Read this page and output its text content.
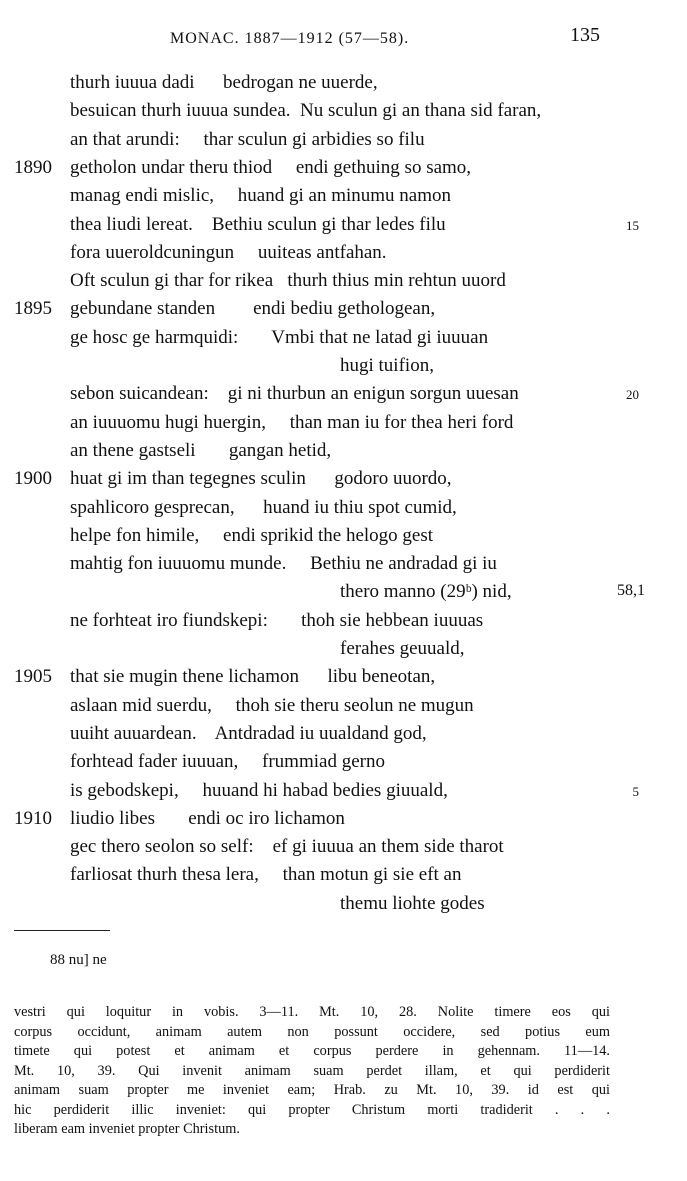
MONAC. 1887—1912 (57—58).	135
thurh iuuua dadi      bedrogan ne uuerde,
besuican thurh iuuua sundea.  Nu sculun gi an thana sid faran,
an that arundi:     thar sculun gi arbidies so filu
1890 getholon undar theru thiod     endi gethuing so samo,
manag endi mislic,     huand gi an minumu namon
thea liudi lereat.    Bethiu sculun gi thar ledes filu	15
fora uueroldcuningun     uuiteas antfahan.
Oft sculun gi thar for rikea   thurh thius min rehtun uuord
1895 gebundane standen        endi bediu gethologean,
ge hosc ge harmquidi:       Vmbi that ne latad gi iuuuan
hugi tuifion,
sebon suicandean:    gi ni thurbun an enigun sorgun uuesan	20
an iuuuomu hugi huergin,     than man iu for thea heri ford
an thene gastseli       gangan hetid,
1900 huat gi im than tegegnes sculin      godoro uuordo,
spahlicoro gesprecan,      huand iu thiu spot cumid,
helpe fon himile,     endi sprikid the helogo gest
mahtig fon iuuuomu munde.     Bethiu ne andradad gi iu
thero manno (29ᵇ) nid,	58,1
ne forhteat iro fiundskepi:       thoh sie hebbean iuuuas
ferahes geuuald,
1905 that sie mugin thene lichamon      libu beneotan,
aslaan mid suerdu,     thoh sie theru seolun ne mugun
uuiht auuardean.    Antdradad iu uualdand god,
forhtead fader iuuuan,     frummiad gerno
is gebodskepi,     huuand hi habad bedies giuuald,	5
1910 liudio libes       endi oc iro lichamon
gec thero seolon so self:    ef gi iuuua an them side tharot
farliosat thurh thesa lera,     than motun gi sie eft an
themu liohte godes
88 nu] ne

vestri qui loquitur in vobis. 3—11. Mt. 10, 28. Nolite timere eos qui

corpus occidunt, animam autem non possunt occidere, sed potius eum

timete qui potest et animam et corpus perdere in gehennam. 11—14.

Mt. 10, 39. Qui invenit animam suam perdet illam, et qui perdiderit

animam suam propter me inveniet eam; Hrab. zu Mt. 10, 39. id est qui

hic perdiderit illic inveniet: qui propter Christum morti tradiderit . . .

liberam eam inveniet propter Christum.
